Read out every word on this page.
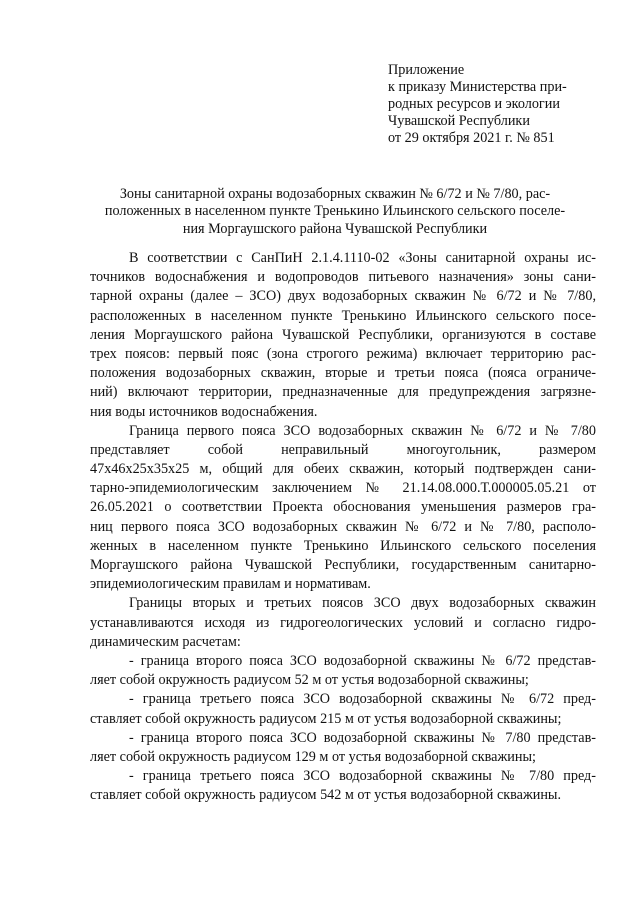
Приложение
к приказу Министерства при-
родных ресурсов и экологии
Чувашской Республики
от 29 октября 2021 г. № 851
Зоны санитарной охраны водозаборных скважин № 6/72 и № 7/80, рас-
положенных в населенном пункте Тренькино Ильинского сельского поселе-
ния Моргаушского района Чувашской Республики
В соответствии с СанПиН 2.1.4.1110-02 «Зоны санитарной охраны ис-
точников водоснабжения и водопроводов питьевого назначения» зоны сани-
тарной охраны (далее – ЗСО) двух водозаборных скважин № 6/72 и № 7/80,
расположенных в населенном пункте Тренькино Ильинского сельского посе-
ления Моргаушского района Чувашской Республики, организуются в составе
трех поясов: первый пояс (зона строгого режима) включает территорию рас-
положения водозаборных скважин, вторые и третьи пояса (пояса ограниче-
ний) включают территории, предназначенные для предупреждения загрязне-
ния воды источников водоснабжения.
Граница первого пояса ЗСО водозаборных скважин № 6/72 и № 7/80
представляет собой неправильный многоугольник, размером
47x46x25x35x25 м, общий для обеих скважин, который подтвержден сани-
тарно-эпидемиологическим заключением № 21.14.08.000.Т.000005.05.21 от
26.05.2021 о соответствии Проекта обоснования уменьшения размеров гра-
ниц первого пояса ЗСО водозаборных скважин № 6/72 и № 7/80, располо-
женных в населенном пункте Тренькино Ильинского сельского поселения
Моргаушского района Чувашской Республики, государственным санитарно-
эпидемиологическим правилам и нормативам.
Границы вторых и третьих поясов ЗСО двух водозаборных скважин
устанавливаются исходя из гидрогеологических условий и согласно гидро-
динамическим расчетам:
- граница второго пояса ЗСО водозаборной скважины № 6/72 представ-
ляет собой окружность радиусом 52 м от устья водозаборной скважины;
- граница третьего пояса ЗСО водозаборной скважины № 6/72 пред-
ставляет собой окружность радиусом 215 м от устья водозаборной скважины;
- граница второго пояса ЗСО водозаборной скважины № 7/80 представ-
ляет собой окружность радиусом 129 м от устья водозаборной скважины;
- граница третьего пояса ЗСО водозаборной скважины № 7/80 пред-
ставляет собой окружность радиусом 542 м от устья водозаборной скважины.
